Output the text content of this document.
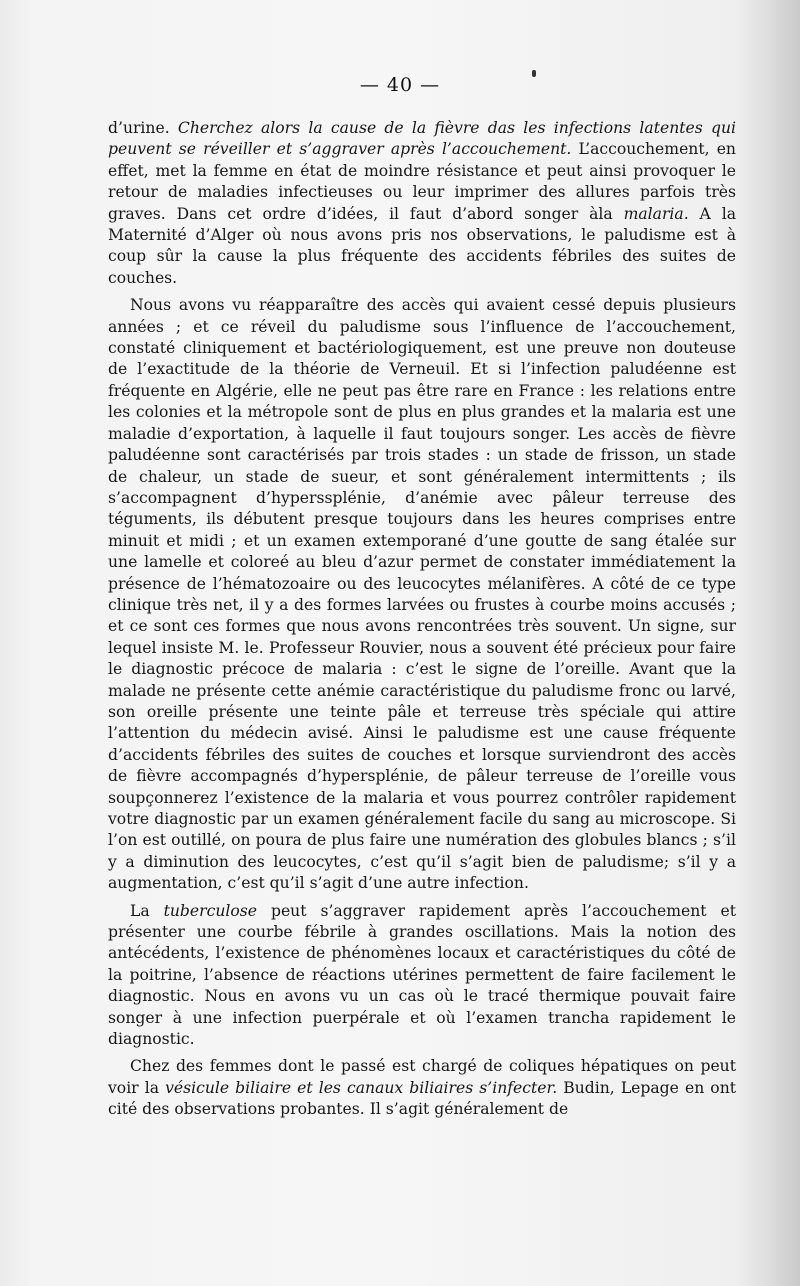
— 40 —

d’urine. Cherchez alors la cause de la fièvre das les infections latentes qui peuvent se réveiller et s’aggraver après l’accouchement. L’accouchement, en effet, met la femme en état de moindre résistance et peut ainsi provoquer le retour de maladies infectieuses ou leur imprimer des allures parfois très graves. Dans cet ordre d’idées, il faut d’abord songer àla malaria. A la Maternité d’Alger où nous avons pris nos observations, le paludisme est à coup sûr la cause la plus fréquente des accidents fébriles des suites de couches.

Nous avons vu réapparaître des accès qui avaient cessé depuis plusieurs années ; et ce réveil du paludisme sous l’influence de l’accouchement, constaté cliniquement et bactériologiquement, est une preuve non douteuse de l’exactitude de la théorie de Verneuil. Et si l’infection paludéenne est fréquente en Algérie, elle ne peut pas être rare en France : les relations entre les colonies et la métropole sont de plus en plus grandes et la malaria est une maladie d’exportation, à laquelle il faut toujours songer. Les accès de fièvre paludéenne sont caractérisés par trois stades : un stade de frisson, un stade de chaleur, un stade de sueur, et sont généralement intermittents ; ils s’accompagnent d’hyperssplénie, d’anémie avec pâleur terreuse des téguments, ils débutent presque toujours dans les heures comprises entre minuit et midi ; et un examen extemporané d’une goutte de sang étalée sur une lamelle et coloreé au bleu d’azur permet de constater immédiatement la présence de l’hématozoaire ou des leucocytes mélanifères. A côté de ce type clinique très net, il y a des formes larvées ou frustes à courbe moins accusés ; et ce sont ces formes que nous avons rencontrées très souvent. Un signe, sur lequel insiste M. le. Professeur Rouvier, nous a souvent été précieux pour faire le diagnostic précoce de malaria : c’est le signe de l’oreille. Avant que la malade ne présente cette anémie caractéristique du paludisme fronc ou larvé, son oreille présente une teinte pâle et terreuse très spéciale qui attire l’attention du médecin avisé. Ainsi le paludisme est une cause fréquente d’accidents fébriles des suites de couches et lorsque surviendront des accès de fièvre accompagnés d’hypersplénie, de pâleur terreuse de l’oreille vous soupçonnerez l’existence de la malaria et vous pourrez contrôler rapidement votre diagnostic par un examen généralement facile du sang au microscope. Si l’on est outillé, on poura de plus faire une numération des globules blancs ; s’il y a diminution des leucocytes, c’est qu’il s’agit bien de paludisme; s’il y a augmentation, c’est qu’il s’agit d’une autre infection.

La tuberculose peut s’aggraver rapidement après l’accouchement et présenter une courbe fébrile à grandes oscillations. Mais la notion des antécédents, l’existence de phénomènes locaux et caractéristiques du côté de la poitrine, l’absence de réactions utérines permettent de faire facilement le diagnostic. Nous en avons vu un cas où le tracé thermique pouvait faire songer à une infection puerpérale et où l’examen trancha rapidement le diagnostic.

Chez des femmes dont le passé est chargé de coliques hépatiques on peut voir la vésicule biliaire et les canaux biliaires s’infecter. Budin, Lepage en ont cité des observations probantes. Il s’agit généralement de
